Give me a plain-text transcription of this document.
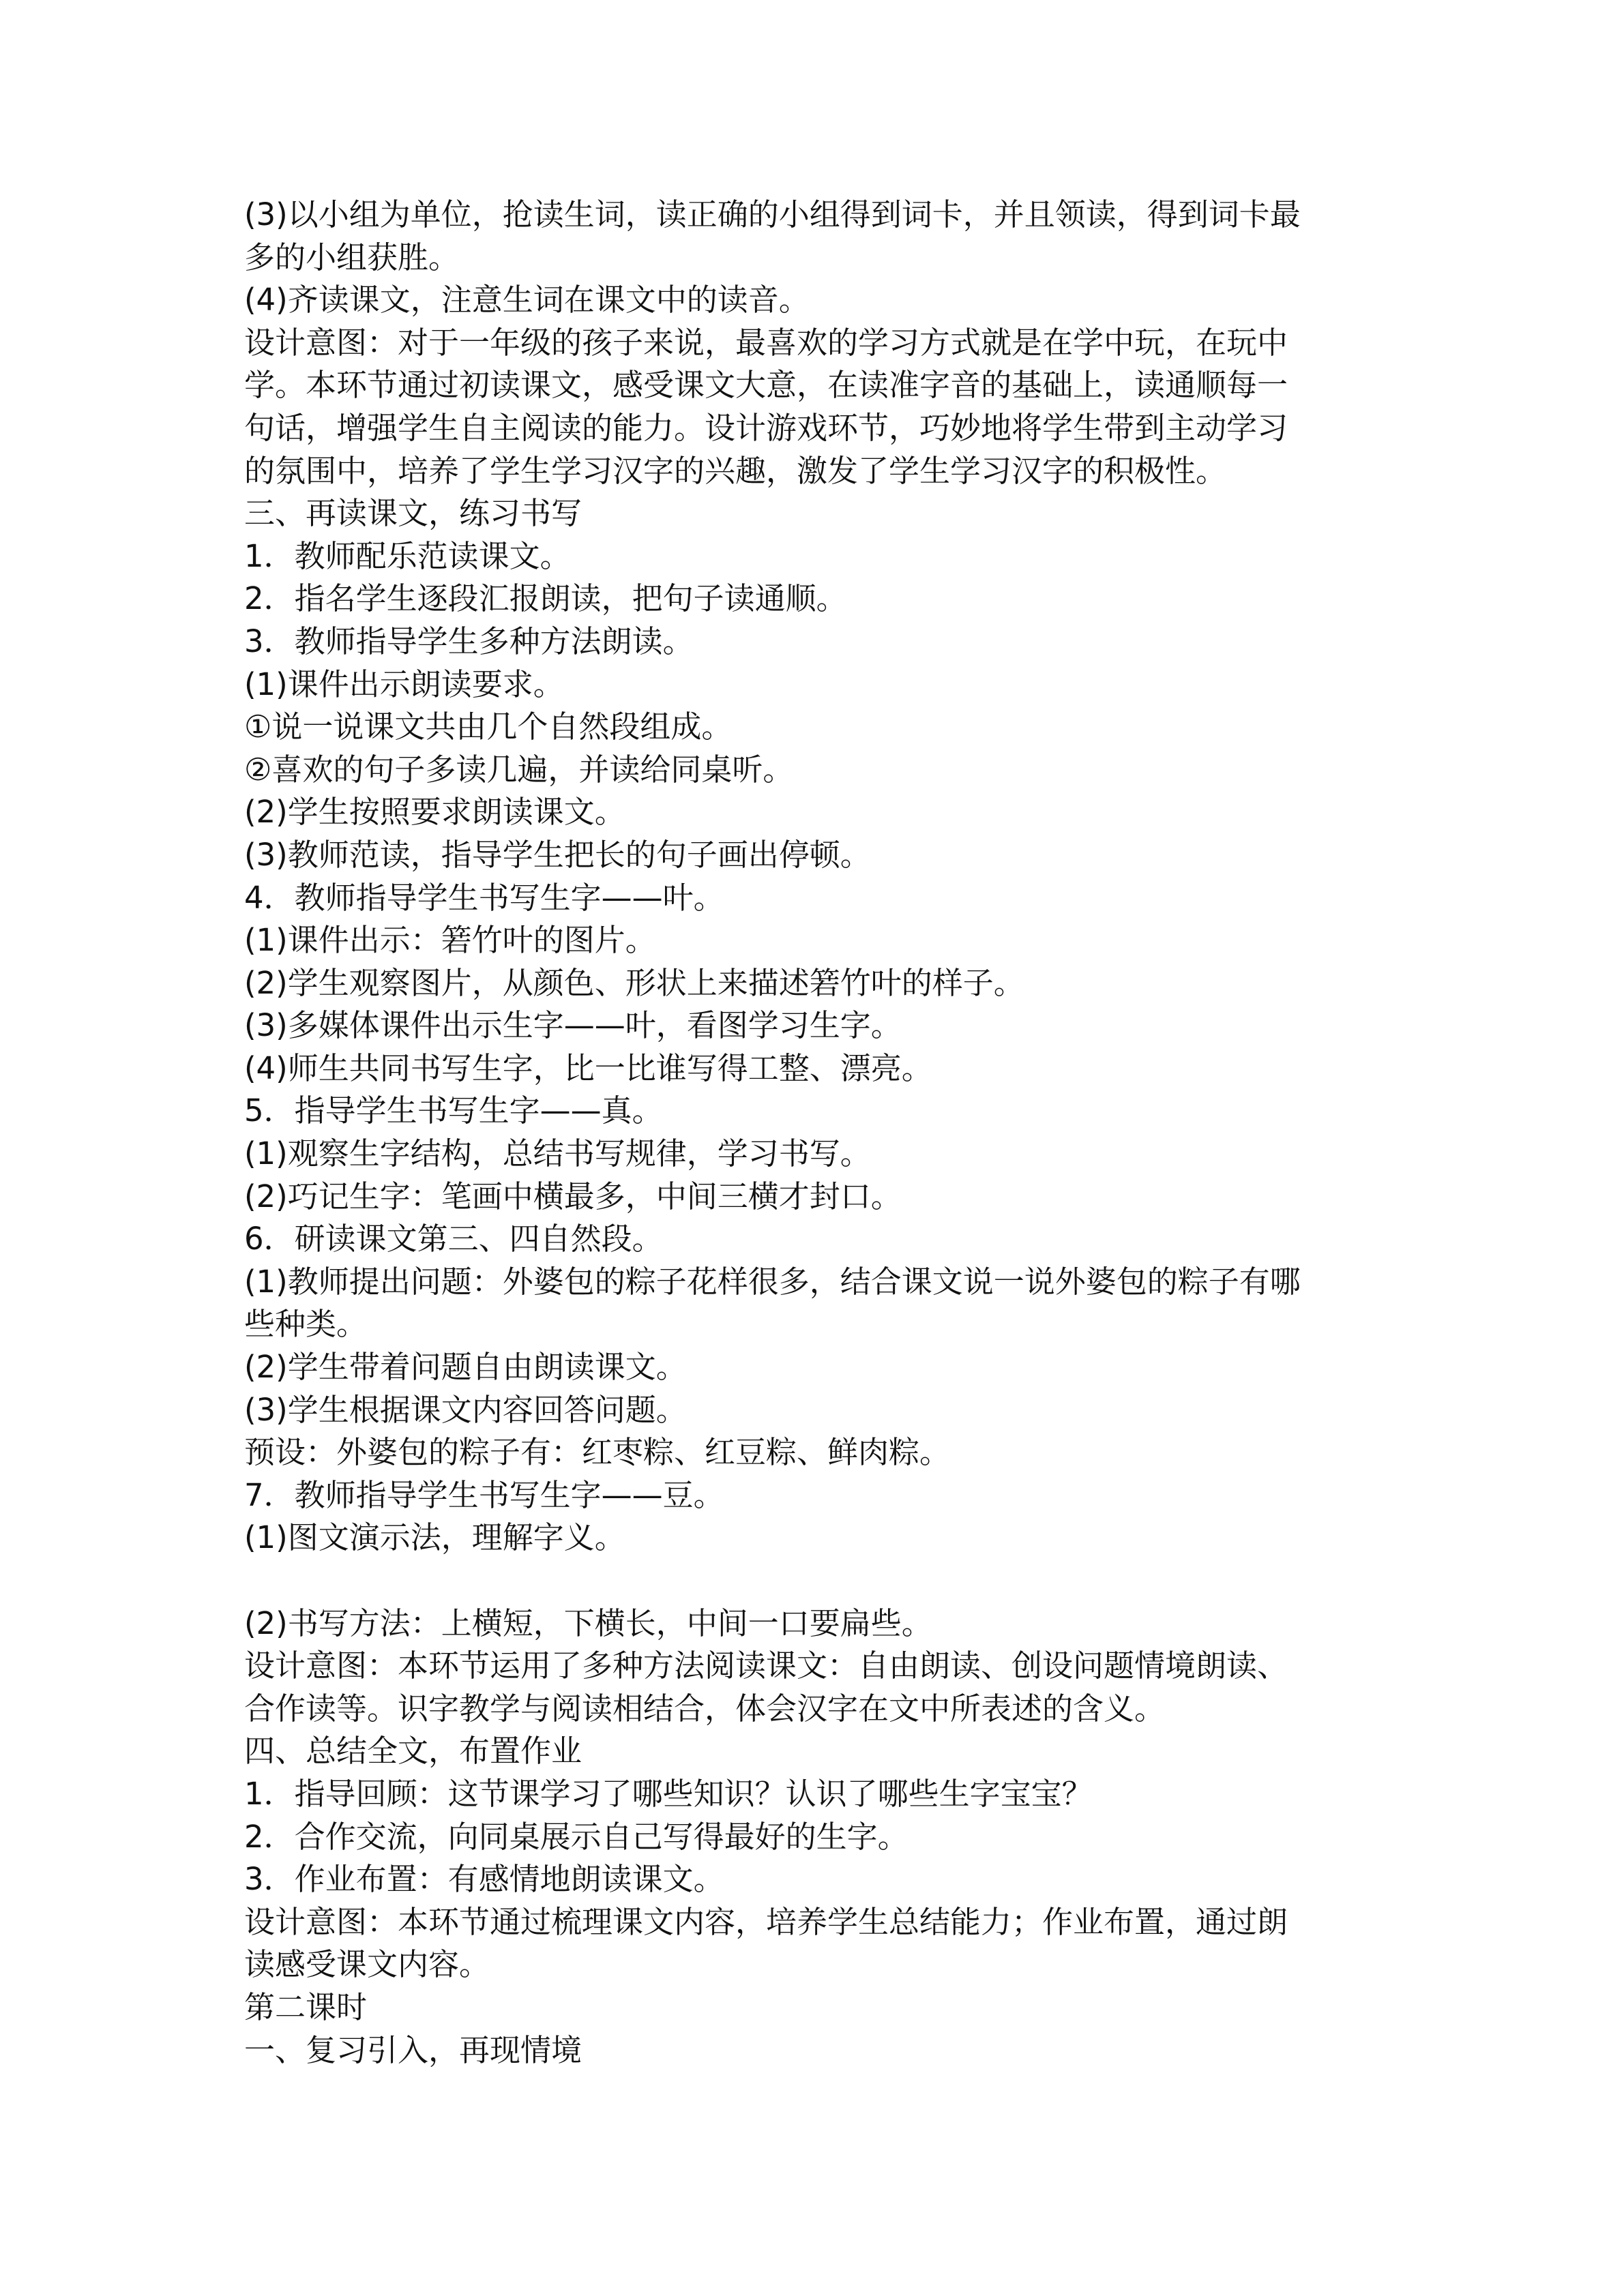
(3)以小组为单位，抢读生词，读正确的小组得到词卡，并且领读，得到词卡最
多的小组获胜。
(4)齐读课文，注意生词在课文中的读音。
设计意图：对于一年级的孩子来说，最喜欢的学习方式就是在学中玩，在玩中
学。本环节通过初读课文，感受课文大意，在读准字音的基础上，读通顺每一
句话，增强学生自主阅读的能力。设计游戏环节，巧妙地将学生带到主动学习
的氛围中，培养了学生学习汉字的兴趣，激发了学生学习汉字的积极性。
三、再读课文，练习书写
1．教师配乐范读课文。
2．指名学生逐段汇报朗读，把句子读通顺。
3．教师指导学生多种方法朗读。
(1)课件出示朗读要求。
①说一说课文共由几个自然段组成。
②喜欢的句子多读几遍，并读给同桌听。
(2)学生按照要求朗读课文。
(3)教师范读，指导学生把长的句子画出停顿。
4．教师指导学生书写生字——叶。
(1)课件出示：箬竹叶的图片。
(2)学生观察图片，从颜色、形状上来描述箬竹叶的样子。
(3)多媒体课件出示生字——叶，看图学习生字。
(4)师生共同书写生字，比一比谁写得工整、漂亮。
5．指导学生书写生字——真。
(1)观察生字结构，总结书写规律，学习书写。
(2)巧记生字：笔画中横最多，中间三横才封口。
6．研读课文第三、四自然段。
(1)教师提出问题：外婆包的粽子花样很多，结合课文说一说外婆包的粽子有哪
些种类。
(2)学生带着问题自由朗读课文。
(3)学生根据课文内容回答问题。
预设：外婆包的粽子有：红枣粽、红豆粽、鲜肉粽。
7．教师指导学生书写生字——豆。
(1)图文演示法，理解字义。
(2)书写方法：上横短，下横长，中间一口要扁些。
设计意图：本环节运用了多种方法阅读课文：自由朗读、创设问题情境朗读、
合作读等。识字教学与阅读相结合，体会汉字在文中所表述的含义。
四、总结全文，布置作业
1．指导回顾：这节课学习了哪些知识？认识了哪些生字宝宝？
2．合作交流，向同桌展示自己写得最好的生字。
3．作业布置：有感情地朗读课文。
设计意图：本环节通过梳理课文内容，培养学生总结能力；作业布置，通过朗
读感受课文内容。
第二课时
一、复习引入，再现情境
